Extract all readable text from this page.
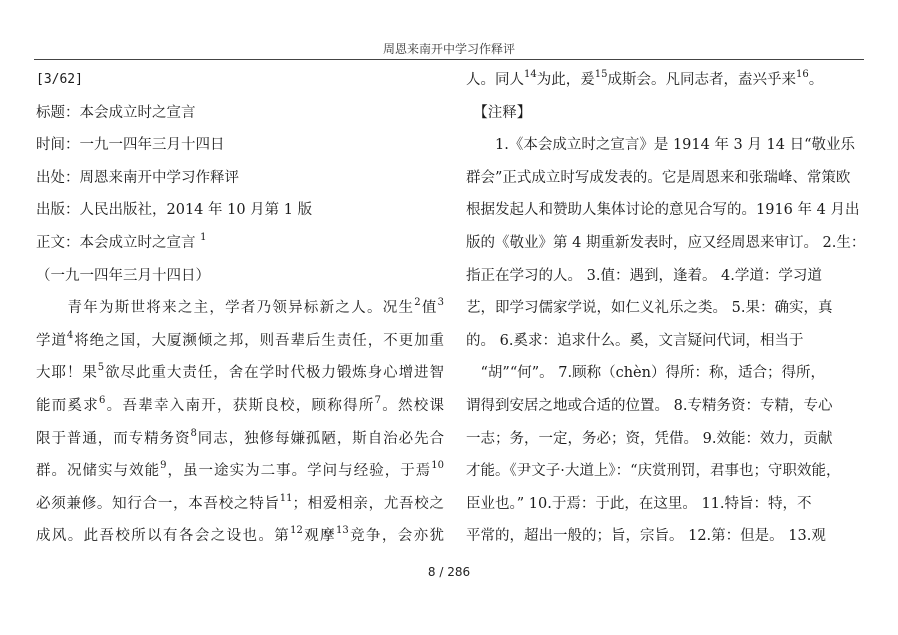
周恩来南开中学习作释评
[3/62]
标题：本会成立时之宣言
时间：一九一四年三月十四日
出处：周恩来南开中学习作释评
出版：人民出版社，2014 年 10 月第 1 版
正文：本会成立时之宣言 $^1$
（一九一四年三月十四日）
　　青年为斯世将来之主，学者乃领异标新之人。况生$^2$值$^3$
学道$^4$将绝之国，大厦濒倾之邦，则吾辈后生责任，不更加重
大耶！果$^5$欲尽此重大责任，舍在学时代极力锻炼身心增进智
能而奚求$^6$。吾辈幸入南开，获斯良校，顾称得所$^7$。然校课
限于普通，而专精务资$^8$同志，独修每嫌孤陋，斯自治必先合
群。况储实与效能$^9$，虽一途实为二事。学问与经验，于焉$^{10}$
必须兼修。知行合一，本吾校之特旨$^{11}$；相爱相亲，尤吾校之
成风。此吾校所以有各会之设也。第$^{12}$观摩$^{13}$竞争，会亦犹
人。同人$^{14}$为此，爰$^{15}$成斯会。凡同志者，盍兴乎来$^{16}$。
　【注释】
　　1.《本会成立时之宣言》是 1914 年 3 月 14 日“敬业乐
群会”正式成立时写成发表的。它是周恩来和张瑞峰、常策欧
根据发起人和赞助人集体讨论的意见合写的。1916 年 4 月出
版的《敬业》第 4 期重新发表时，应又经周恩来审订。 2.生：
指正在学习的人。 3.值：遇到，逢着。 4.学道：学习道
艺，即学习儒家学说，如仁义礼乐之类。 5.果：确实，真
的。 6.奚求：追求什么。奚，文言疑问代词，相当于
　“胡”“何”。 7.顾称（chèn）得所：称，适合；得所，
谓得到安居之地或合适的位置。 8.专精务资：专精，专心
一志；务，一定，务必；资，凭借。 9.效能：效力，贡献
才能。《尹文子·大道上》：“庆赏刑罚，君事也；守职效能，
臣业也。” 10.于焉：于此，在这里。 11.特旨：特，不
平常的，超出一般的；旨，宗旨。 12.第：但是。 13.观
8 / 286
